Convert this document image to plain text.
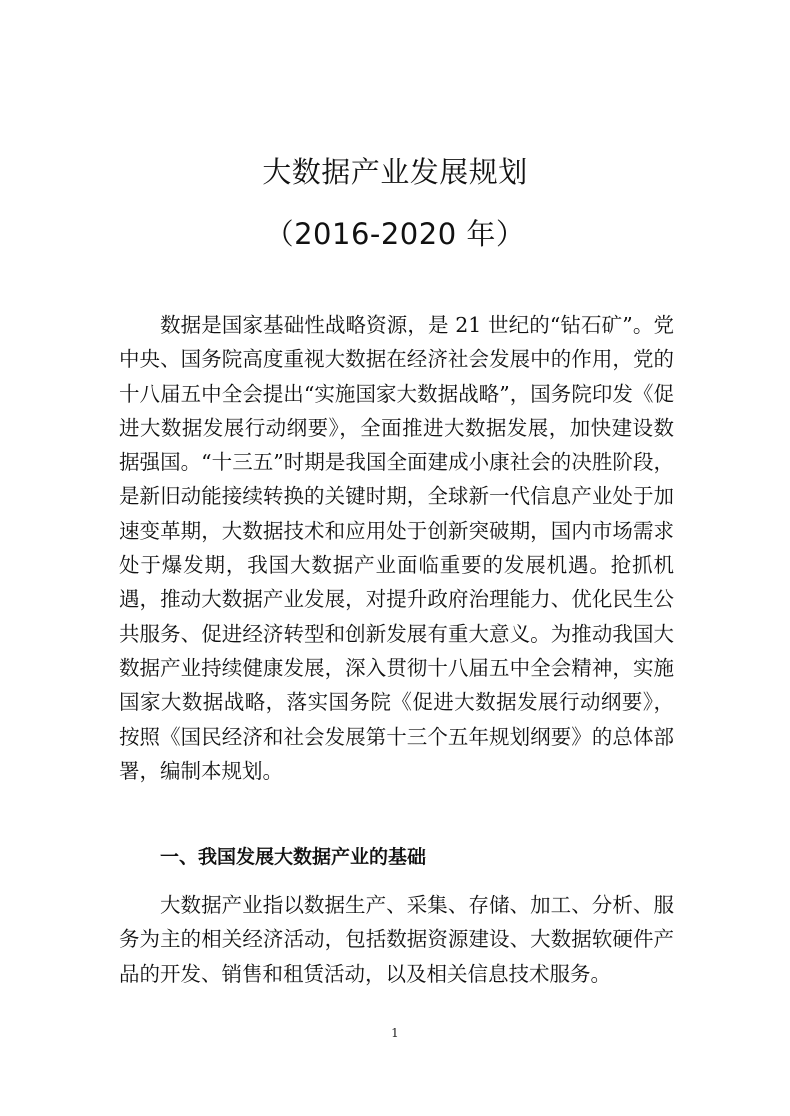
大数据产业发展规划
（2016-2020 年）

数据是国家基础性战略资源，是 21 世纪的“钻石矿”。党中央、国务院高度重视大数据在经济社会发展中的作用，党的十八届五中全会提出“实施国家大数据战略”，国务院印发《促进大数据发展行动纲要》，全面推进大数据发展，加快建设数据强国。“十三五”时期是我国全面建成小康社会的决胜阶段，是新旧动能接续转换的关键时期，全球新一代信息产业处于加速变革期，大数据技术和应用处于创新突破期，国内市场需求处于爆发期，我国大数据产业面临重要的发展机遇。抢抓机遇，推动大数据产业发展，对提升政府治理能力、优化民生公共服务、促进经济转型和创新发展有重大意义。为推动我国大数据产业持续健康发展，深入贯彻十八届五中全会精神，实施国家大数据战略，落实国务院《促进大数据发展行动纲要》，按照《国民经济和社会发展第十三个五年规划纲要》的总体部署，编制本规划。

一、我国发展大数据产业的基础

大数据产业指以数据生产、采集、存储、加工、分析、服务为主的相关经济活动，包括数据资源建设、大数据软硬件产品的开发、销售和租赁活动，以及相关信息技术服务。

1
